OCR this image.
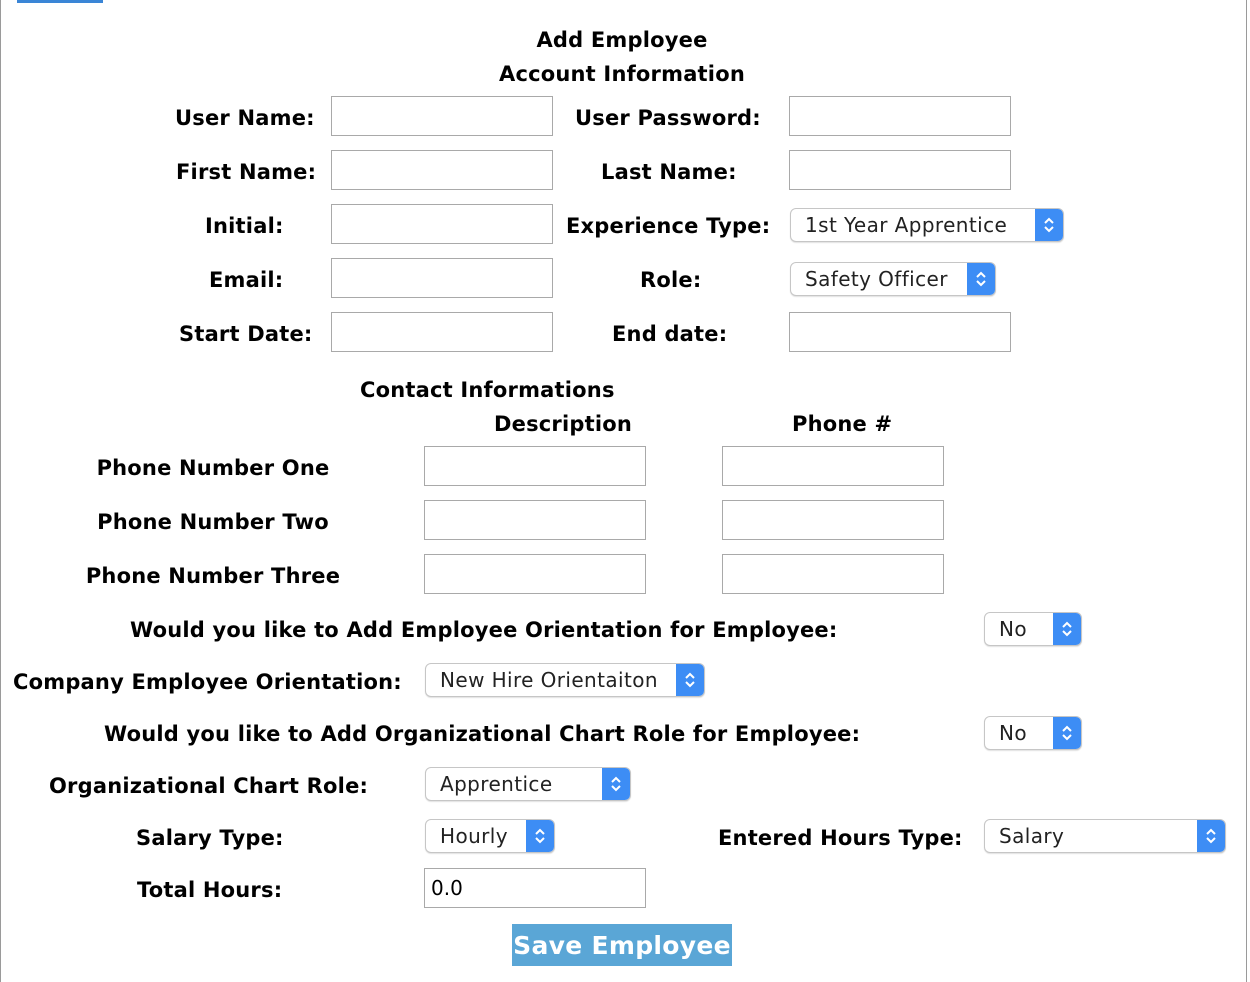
Add Employee
Account Information
User Name:	User Password:
First Name:	Last Name:
Initial:	Experience Type:	1st Year Apprentice
Email:	Role:	Safety Officer
Start Date:	End date:
Contact Informations
Description	Phone #
Phone Number One
Phone Number Two
Phone Number Three
Would you like to Add Employee Orientation for Employee:	No
Company Employee Orientation:	New Hire Orientaiton
Would you like to Add Organizational Chart Role for Employee:	No
Organizational Chart Role:	Apprentice
Salary Type:	Hourly	Entered Hours Type:	Salary
Total Hours:
0.0
Save Employee
